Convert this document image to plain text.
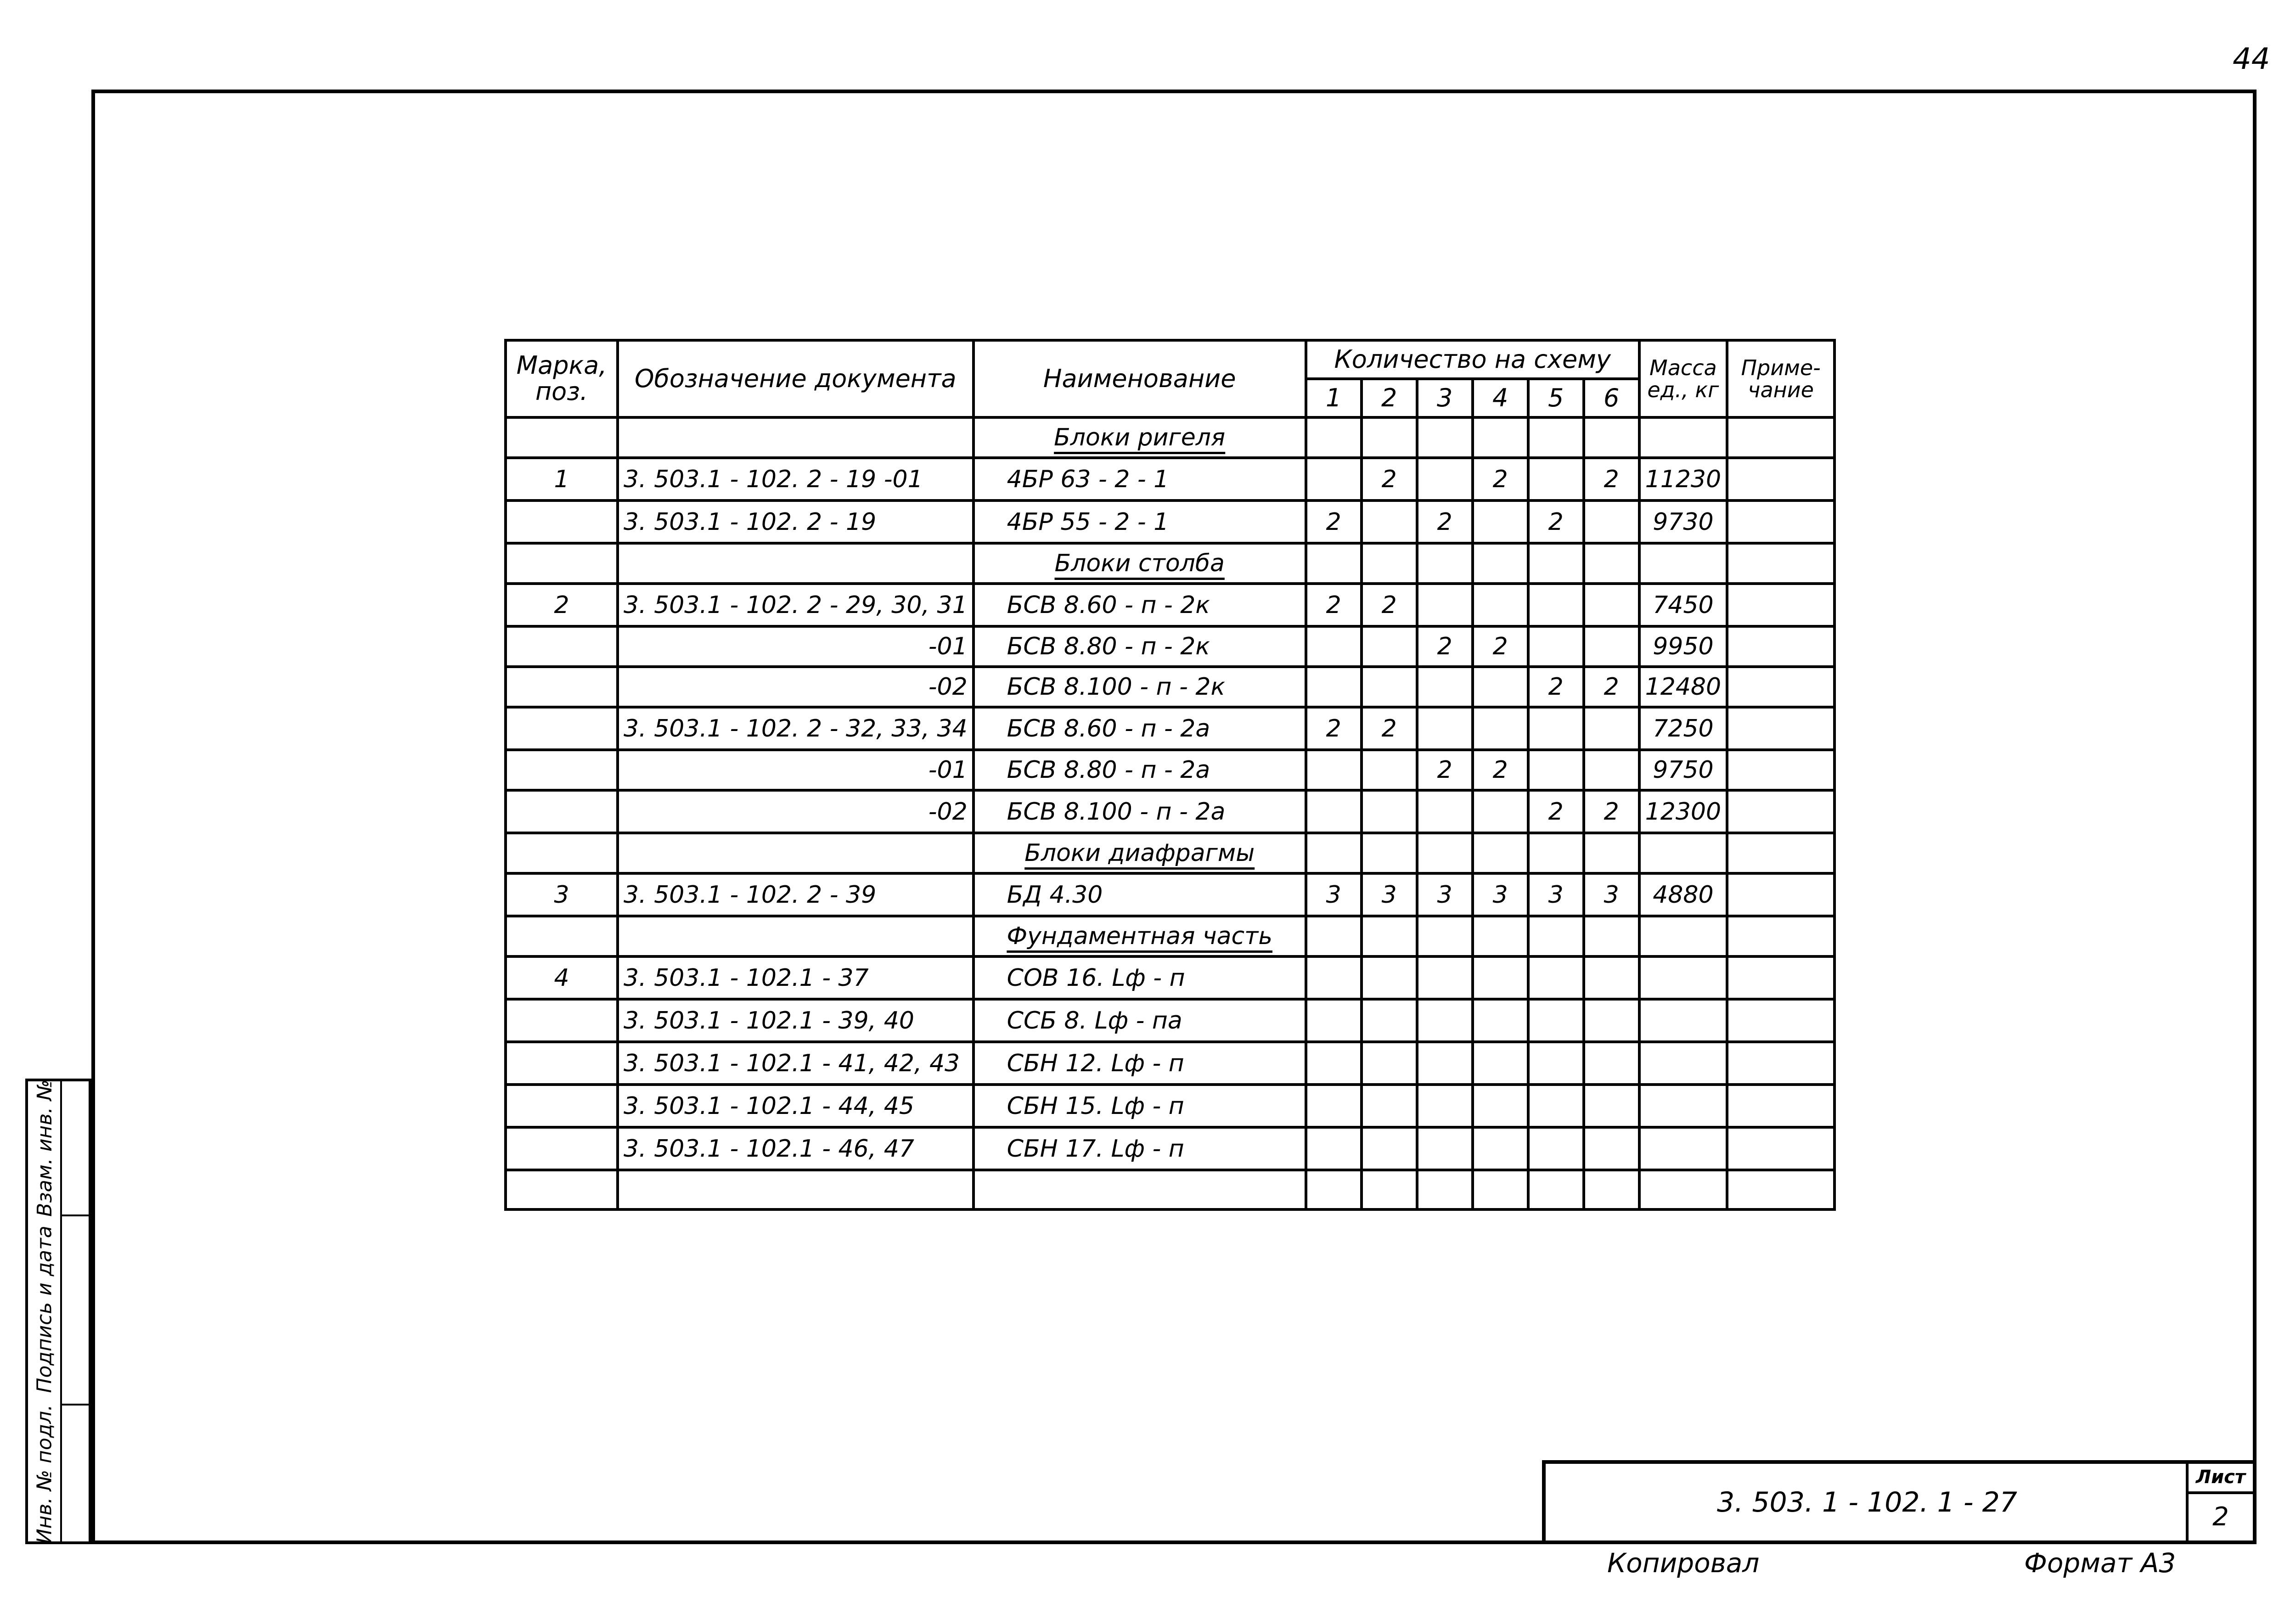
44
Взам. инв. №
Подпись и дата
Инв. № подл.
Марка, поз.	Обозначение документа	Наименование	Количество на схему						Масса ед., кг	Приме- чание
			1	2	3	4	5	6		
		Блоки ригеля								
1	3. 503.1 - 102. 2 - 19 -01	4БР 63 - 2 - 1		2		2		2	11230	
	3. 503.1 - 102. 2 - 19	4БР 55 - 2 - 1	2		2		2		9730	
		Блоки столба								
2	3. 503.1 - 102. 2 - 29, 30, 31	БСВ 8.60 - п - 2к	2	2					7450	
	-01	БСВ 8.80 - п - 2к			2	2			9950	
	-02	БСВ 8.100 - п - 2к					2	2	12480	
	3. 503.1 - 102. 2 - 32, 33, 34	БСВ 8.60 - п - 2а	2	2					7250	
	-01	БСВ 8.80 - п - 2а			2	2			9750	
	-02	БСВ 8.100 - п - 2а					2	2	12300	
		Блоки диафрагмы								
3	3. 503.1 - 102. 2 - 39	БД 4.30	3	3	3	3	3	3	4880	
		Фундаментная часть								
4	3. 503.1 - 102.1 - 37	СОВ 16. Lф - п								
	3. 503.1 - 102.1 - 39, 40	ССБ 8. Lф - па								
	3. 503.1 - 102.1 - 41, 42, 43	СБН 12. Lф - п								
	3. 503.1 - 102.1 - 44, 45	СБН 15. Lф - п								
	3. 503.1 - 102.1 - 46, 47	СБН 17. Lф - п								

3. 503. 1 - 102. 1 - 27
Лист
2
Копировал	Формат А3
